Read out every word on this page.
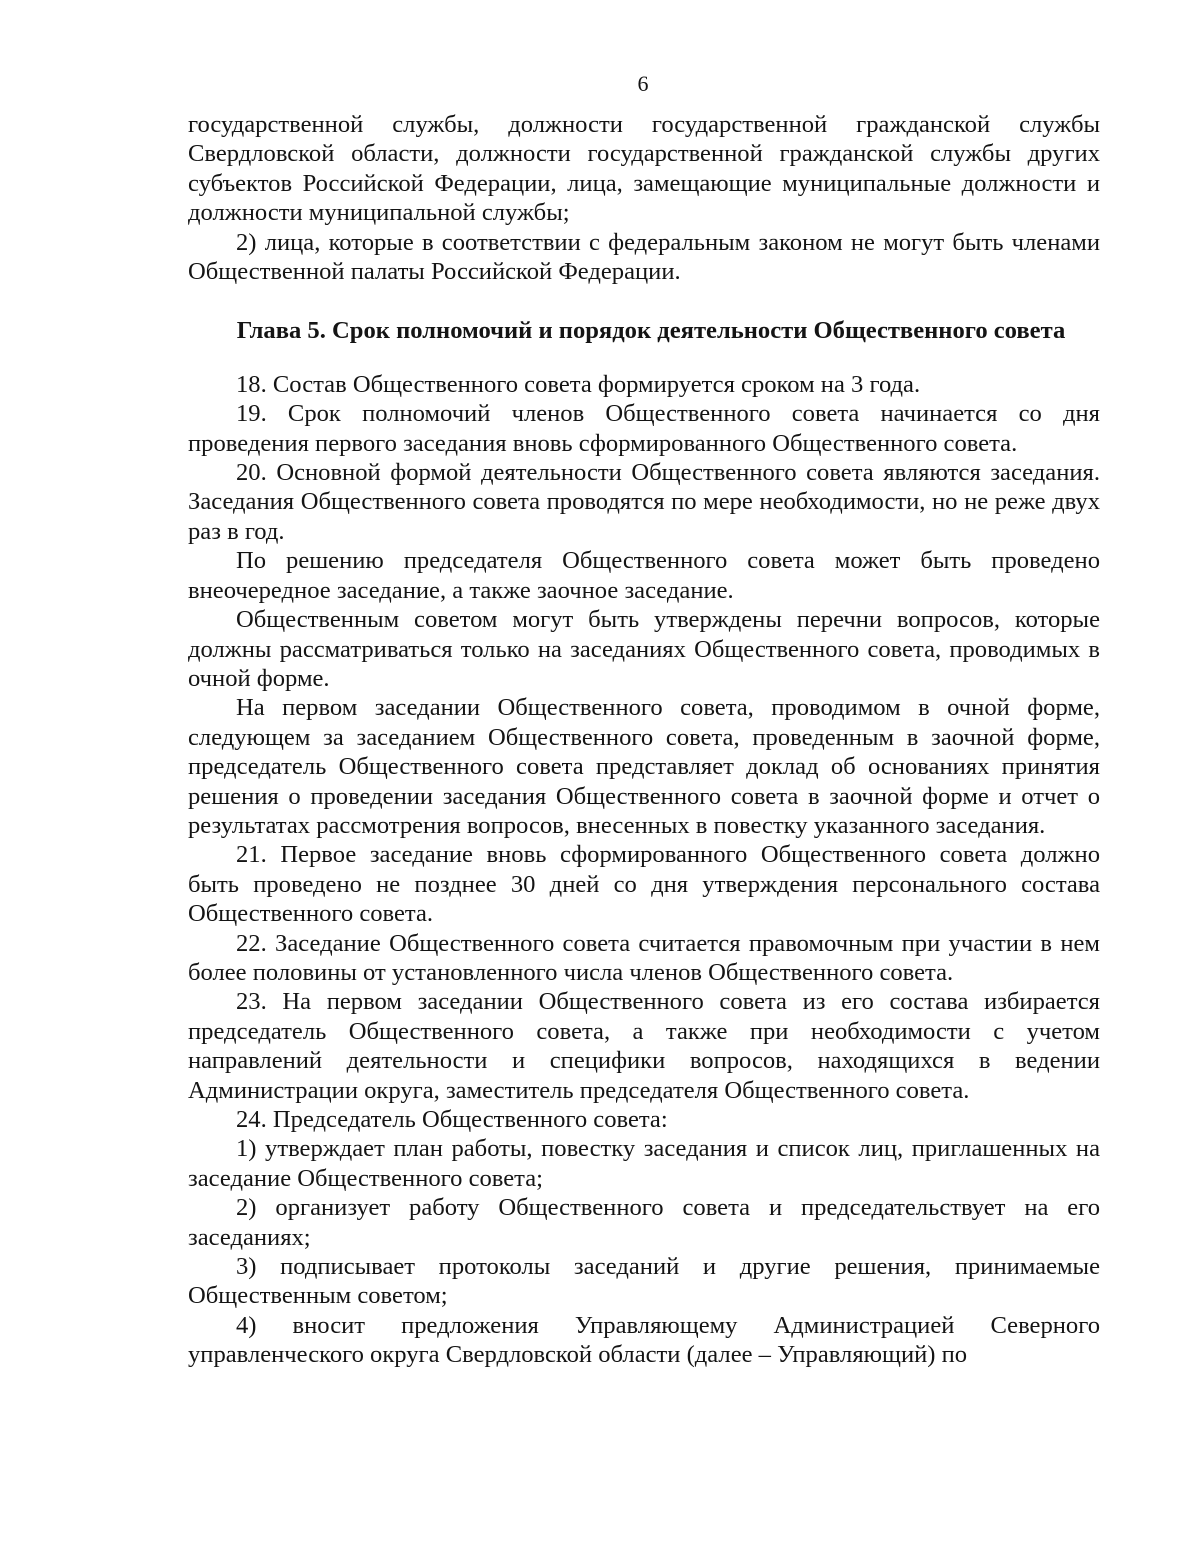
6

государственной службы, должности государственной гражданской службы Свердловской области, должности государственной гражданской службы других субъектов Российской Федерации, лица, замещающие муниципальные должности и должности муниципальной службы;

2) лица, которые в соответствии с федеральным законом не могут быть членами Общественной палаты Российской Федерации.

Глава 5. Срок полномочий и порядок деятельности Общественного совета

18. Состав Общественного совета формируется сроком на 3 года.

19. Срок полномочий членов Общественного совета начинается со дня проведения первого заседания вновь сформированного Общественного совета.

20. Основной формой деятельности Общественного совета являются заседания. Заседания Общественного совета проводятся по мере необходимости, но не реже двух раз в год.

По решению председателя Общественного совета может быть проведено внеочередное заседание, а также заочное заседание.

Общественным советом могут быть утверждены перечни вопросов, которые должны рассматриваться только на заседаниях Общественного совета, проводимых в очной форме.

На первом заседании Общественного совета, проводимом в очной форме, следующем за заседанием Общественного совета, проведенным в заочной форме, председатель Общественного совета представляет доклад об основаниях принятия решения о проведении заседания Общественного совета в заочной форме и отчет о результатах рассмотрения вопросов, внесенных в повестку указанного заседания.

21. Первое заседание вновь сформированного Общественного совета должно быть проведено не позднее 30 дней со дня утверждения персонального состава Общественного совета.

22. Заседание Общественного совета считается правомочным при участии в нем более половины от установленного числа членов Общественного совета.

23. На первом заседании Общественного совета из его состава избирается председатель Общественного совета, а также при необходимости с учетом направлений деятельности и специфики вопросов, находящихся в ведении Администрации округа, заместитель председателя Общественного совета.

24. Председатель Общественного совета:

1) утверждает план работы, повестку заседания и список лиц, приглашенных на заседание Общественного совета;

2) организует работу Общественного совета и председательствует на его заседаниях;

3) подписывает протоколы заседаний и другие решения, принимаемые Общественным советом;

4) вносит предложения Управляющему Администрацией Северного управленческого округа Свердловской области (далее – Управляющий) по
